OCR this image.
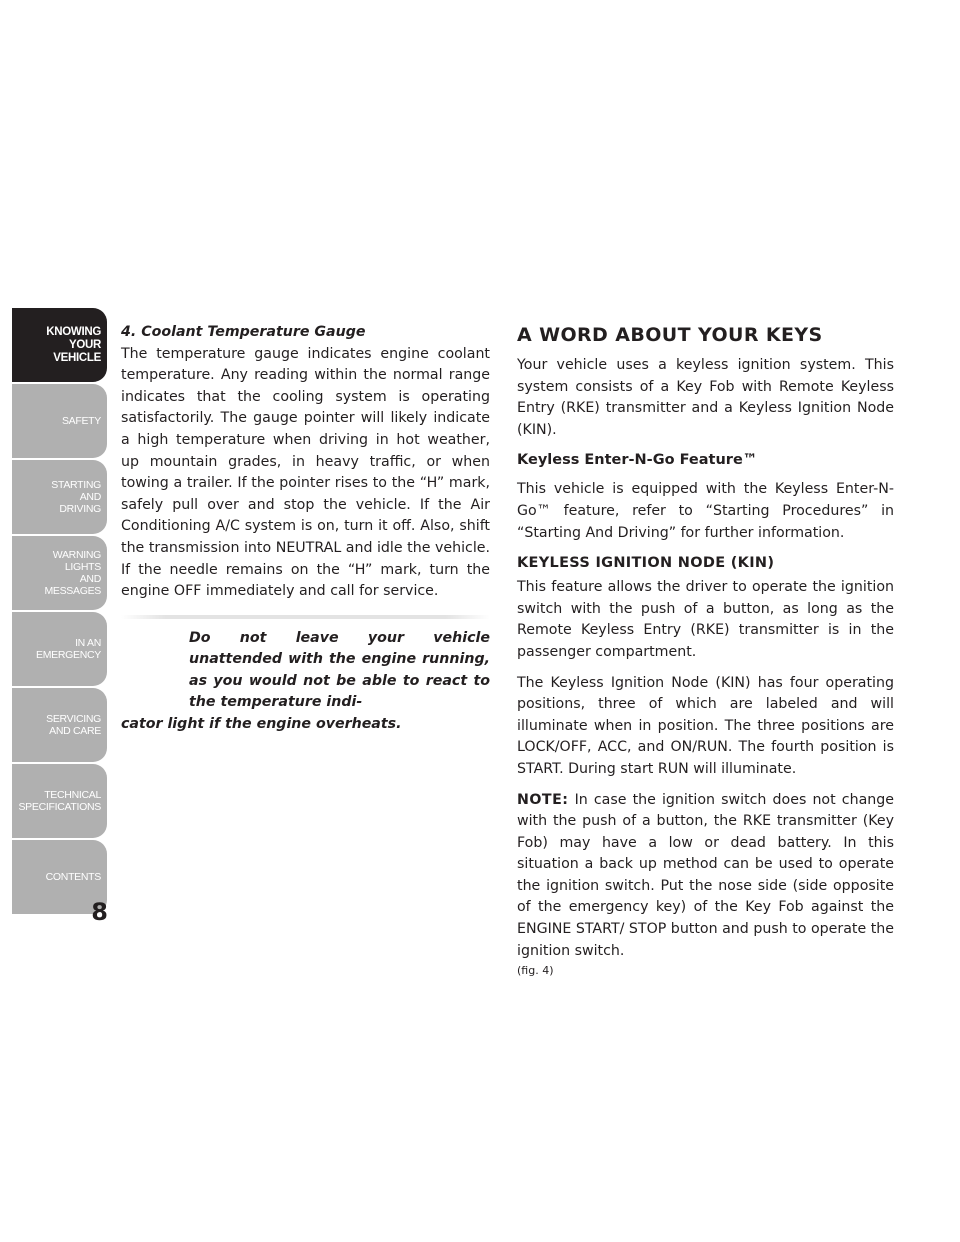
KNOWING
YOUR
VEHICLE
SAFETY
STARTING
AND
DRIVING
WARNING
LIGHTS
AND
MESSAGES
IN AN
EMERGENCY
SERVICING
AND CARE
TECHNICAL
SPECIFICATIONS
CONTENTS
8

4. Coolant Temperature Gauge

The temperature gauge indicates engine coolant temperature. Any reading within the normal range indicates that the cooling system is operating satisfactorily. The gauge pointer will likely indicate a high temperature when driving in hot weather, up mountain grades, in heavy traffic, or when towing a trailer. If the pointer rises to the “H” mark, safely pull over and stop the vehicle. If the Air Conditioning A/C system is on, turn it off. Also, shift the transmission into NEUTRAL and idle the vehicle. If the needle remains on the “H” mark, turn the engine OFF immediately and call for service.

Do not leave your vehicle unattended with the engine running, as you would not be able to react to the temperature indi-
cator light if the engine overheats.
A WORD ABOUT YOUR KEYS

Your vehicle uses a keyless ignition system. This system consists of a Key Fob with Remote Keyless Entry (RKE) transmitter and a Keyless Ignition Node (KIN).

Keyless Enter-N-Go Feature™

This vehicle is equipped with the Keyless Enter-N-Go™ feature, refer to “Starting Procedures” in “Starting And Driving” for further information.

KEYLESS IGNITION NODE (KIN)

This feature allows the driver to operate the ignition switch with the push of a button, as long as the Remote Keyless Entry (RKE) transmitter is in the passenger compartment.

The Keyless Ignition Node (KIN) has four operating positions, three of which are labeled and will illuminate when in position. The three positions are LOCK/OFF, ACC, and ON/RUN. The fourth position is START. During start RUN will illuminate.

NOTE: In case the ignition switch does not change with the push of a button, the RKE transmitter (Key Fob) may have a low or dead battery. In this situation a back up method can be used to operate the ignition switch. Put the nose side (side opposite of the emergency key) of the Key Fob against the ENGINE START/ STOP button and push to operate the ignition switch.

(fig. 4)
